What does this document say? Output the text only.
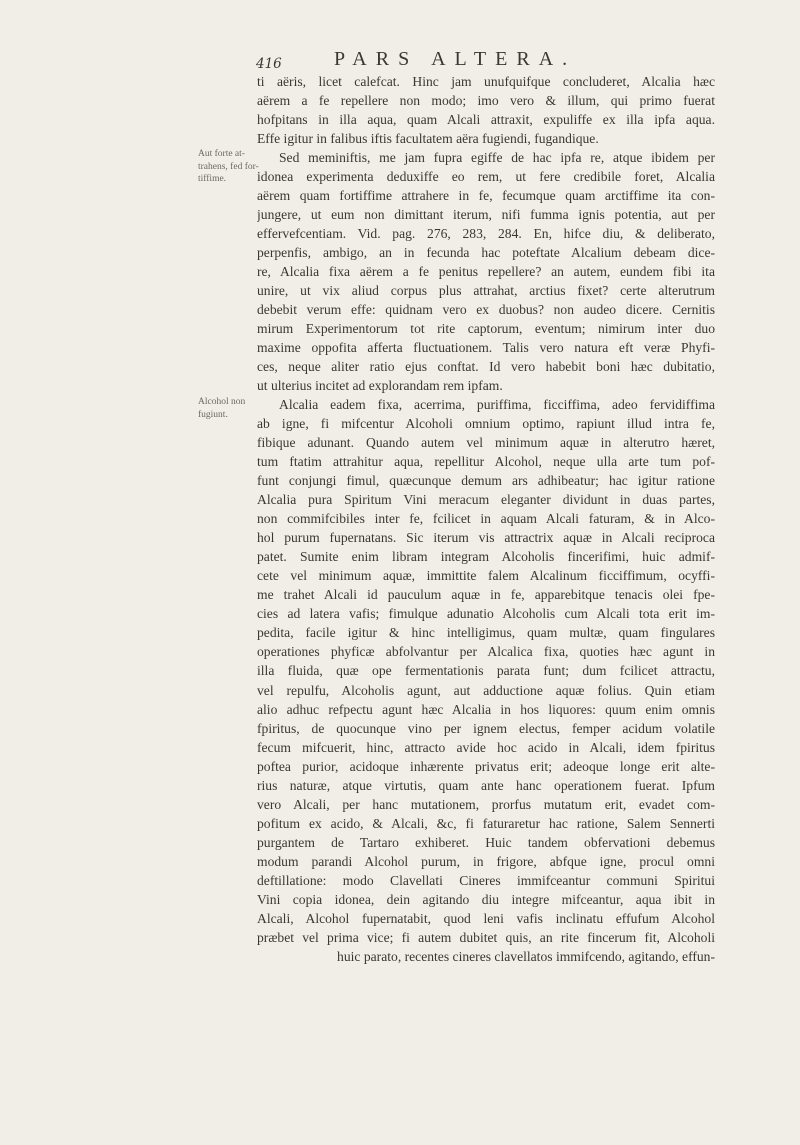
416	PARS ALTERA.
Aut forte at-
trahens, fed for-
tiffime.
Alcohol non
fugiunt.
ti aëris, licet calefcat. Hinc jam unufquifque concluderet, Alcalia hæc
aërem a fe repellere non modo; imo vero & illum, qui primo fuerat
hofpitans in illa aqua, quam Alcali attraxit, expuliffe ex illa ipfa aqua.
Effe igitur in falibus iftis facultatem aëra fugiendi, fugandique.
Sed meminiftis, me jam fupra egiffe de hac ipfa re, atque ibidem per
idonea experimenta deduxiffe eo rem, ut fere credibile foret, Alcalia
aërem quam fortiffime attrahere in fe, fecumque quam arctiffime ita con-
jungere, ut eum non dimittant iterum, nifi fumma ignis potentia, aut per
effervefcentiam. Vid. pag. 276, 283, 284. En, hifce diu, & deliberato,
perpenfis, ambigo, an in fecunda hac poteftate Alcalium debeam dice-
re, Alcalia fixa aërem a fe penitus repellere? an autem, eundem fibi ita
unire, ut vix aliud corpus plus attrahat, arctius fixet? certe alterutrum
debebit verum effe: quidnam vero ex duobus? non audeo dicere. Cernitis
mirum Experimentorum tot rite captorum, eventum; nimirum inter duo
maxime oppofita afferta fluctuationem. Talis vero natura eft veræ Phyfi-
ces, neque aliter ratio ejus conftat. Id vero habebit boni hæc dubitatio,
ut ulterius incitet ad explorandam rem ipfam.
Alcalia eadem fixa, acerrima, puriffima, ficciffima, adeo fervidiffima
ab igne, fi mifcentur Alcoholi omnium optimo, rapiunt illud intra fe,
fibique adunant. Quando autem vel minimum aquæ in alterutro hæret,
tum ftatim attrahitur aqua, repellitur Alcohol, neque ulla arte tum pof-
funt conjungi fimul, quæcunque demum ars adhibeatur; hac igitur ratione
Alcalia pura Spiritum Vini meracum eleganter dividunt in duas partes,
non commifcibiles inter fe, fcilicet in aquam Alcali faturam, & in Alco-
hol purum fupernatans. Sic iterum vis attractrix aquæ in Alcali reciproca
patet. Sumite enim libram integram Alcoholis fincerifimi, huic admif-
cete vel minimum aquæ, immittite falem Alcalinum ficciffimum, ocyffi-
me trahet Alcali id pauculum aquæ in fe, apparebitque tenacis olei fpe-
cies ad latera vafis; fimulque adunatio Alcoholis cum Alcali tota erit im-
pedita, facile igitur & hinc intelligimus, quam multæ, quam fingulares
operationes phyficæ abfolvantur per Alcalica fixa, quoties hæc agunt in
illa fluida, quæ ope fermentationis parata funt; dum fcilicet attractu,
vel repulfu, Alcoholis agunt, aut adductione aquæ folius. Quin etiam
alio adhuc refpectu agunt hæc Alcalia in hos liquores: quum enim omnis
fpiritus, de quocunque vino per ignem electus, femper acidum volatile
fecum mifcuerit, hinc, attracto avide hoc acido in Alcali, idem fpiritus
poftea purior, acidoque inhærente privatus erit; adeoque longe erit alte-
rius naturæ, atque virtutis, quam ante hanc operationem fuerat. Ipfum
vero Alcali, per hanc mutationem, prorfus mutatum erit, evadet com-
pofitum ex acido, & Alcali, &c, fi faturaretur hac ratione, Salem Sennerti
purgantem de Tartaro exhiberet. Huic tandem obfervationi debemus
modum parandi Alcohol purum, in frigore, abfque igne, procul omni
deftillatione: modo Clavellati Cineres immifceantur communi Spiritui
Vini copia idonea, dein agitando diu integre mifceantur, aqua ibit in
Alcali, Alcohol fupernatabit, quod leni vafis inclinatu effufum Alcohol
præbet vel prima vice; fi autem dubitet quis, an rite fincerum fit, Alcoholi
huic parato, recentes cineres clavellatos immifcendo, agitando, effun-
